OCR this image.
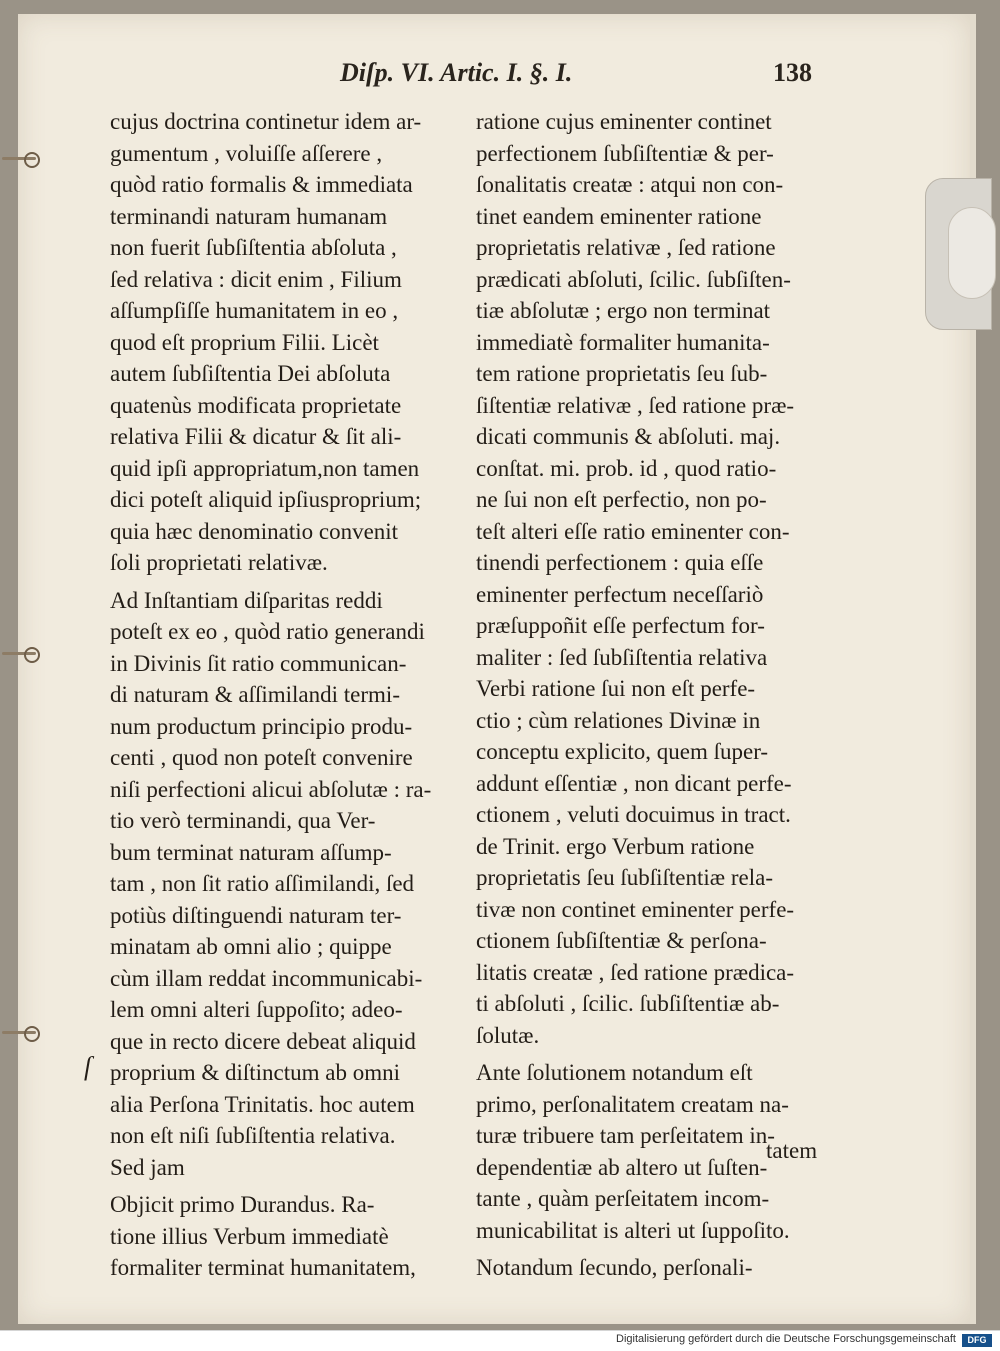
Diſp. VI. Artic. I. §. I.	138
cujus doctrina continetur idem ar-
gumentum , voluiſſe aſſerere ,
quòd ratio formalis & immediata
terminandi naturam humanam
non fuerit ſubſiſtentia abſoluta ,
ſed relativa : dicit enim , Filium
aſſumpſiſſe humanitatem in eo ,
quod eſt proprium Filii. Licèt
autem ſubſiſtentia Dei abſoluta
quatenùs modificata proprietate
relativa Filii & dicatur & ſit ali-
quid ipſi appropriatum,non tamen
dici poteſt aliquid ipſiusproprium;
quia hæc denominatio convenit
ſoli proprietati relativæ.
Ad Inſtantiam diſparitas reddi
poteſt ex eo , quòd ratio generandi
in Divinis ſit ratio communican-
di naturam & aſſimilandi termi-
num productum principio produ-
centi , quod non poteſt convenire
niſi perfectioni alicui abſolutæ : ra-
tio verò terminandi, qua Ver-
bum terminat naturam aſſump-
tam , non ſit ratio aſſimilandi, ſed
potiùs diſtinguendi naturam ter-
minatam ab omni alio ; quippe
cùm illam reddat incommunicabi-
lem omni alteri ſuppoſito; adeo-
que in recto dicere debeat aliquid
proprium & diſtinctum ab omni
alia Perſona Trinitatis. hoc autem
non eſt niſi ſubſiſtentia relativa.
Sed jam
Objicit primo Durandus. Ra-
tione illius Verbum immediatè
formaliter terminat humanitatem,
ratione cujus eminenter continet
perfectionem ſubſiſtentiæ & per-
ſonalitatis creatæ : atqui non con-
tinet eandem eminenter ratione
proprietatis relativæ , ſed ratione
prædicati abſoluti, ſcilic. ſubſiſten-
tiæ abſolutæ ; ergo non terminat
immediatè formaliter humanita-
tem ratione proprietatis ſeu ſub-
ſiſtentiæ relativæ , ſed ratione præ-
dicati communis & abſoluti. maj.
conſtat. mi. prob. id , quod ratio-
ne ſui non eſt perfectio, non po-
teſt alteri eſſe ratio eminenter con-
tinendi perfectionem : quia eſſe
eminenter perfectum neceſſariò
præſuppoñit eſſe perfectum for-
maliter : ſed ſubſiſtentia relativa
Verbi ratione ſui non eſt perfe-
ctio ; cùm relationes Divinæ in
conceptu explicito, quem ſuper-
addunt eſſentiæ , non dicant perfe-
ctionem , veluti docuimus in tract.
de Trinit. ergo Verbum ratione
proprietatis ſeu ſubſiſtentiæ rela-
tivæ non continet eminenter perfe-
ctionem ſubſiſtentiæ & perſona-
litatis creatæ , ſed ratione prædica-
ti abſoluti , ſcilic. ſubſiſtentiæ ab-
ſolutæ.
Ante ſolutionem notandum eſt
primo, perſonalitatem creatam na-
turæ tribuere tam perſeitatem in-
dependentiæ ab altero ut ſuſten-
tante , quàm perſeitatem incom-
municabilitat is alteri ut ſuppoſito.
Notandum ſecundo, perſonali-
ſ
tatem
Digitalisierung gefördert durch die Deutsche Forschungsgemeinschaft	DFG
